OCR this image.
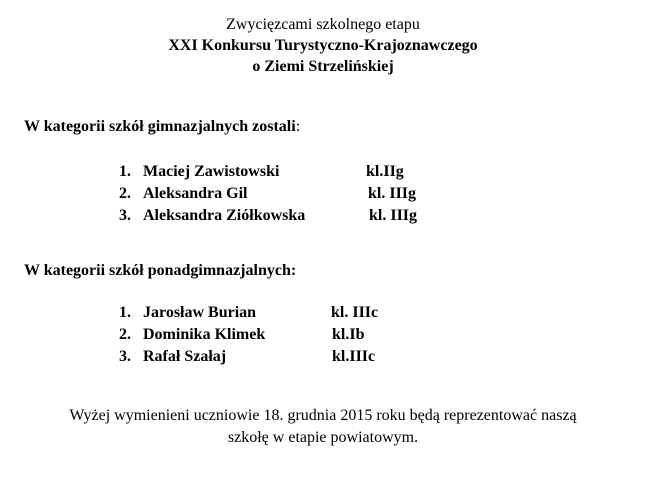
Zwycięzcami szkolnego etapu
XXI Konkursu Turystyczno-Krajoznawczego
o Ziemi Strzelińskiej
W kategorii szkół gimnazjalnych zostali:
1. Maciej Zawistowski	kl.IIg
2. Aleksandra Gil	kl. IIIg
3. Aleksandra Ziółkowska	kl. IIIg
W kategorii szkół ponadgimnazjalnych:
1. Jarosław Burian	kl. IIIc
2. Dominika Klimek	kl.Ib
3. Rafał Szałaj	kl.IIIc
Wyżej wymienieni uczniowie 18. grudnia 2015 roku będą reprezentować naszą
szkołę w etapie powiatowym.
